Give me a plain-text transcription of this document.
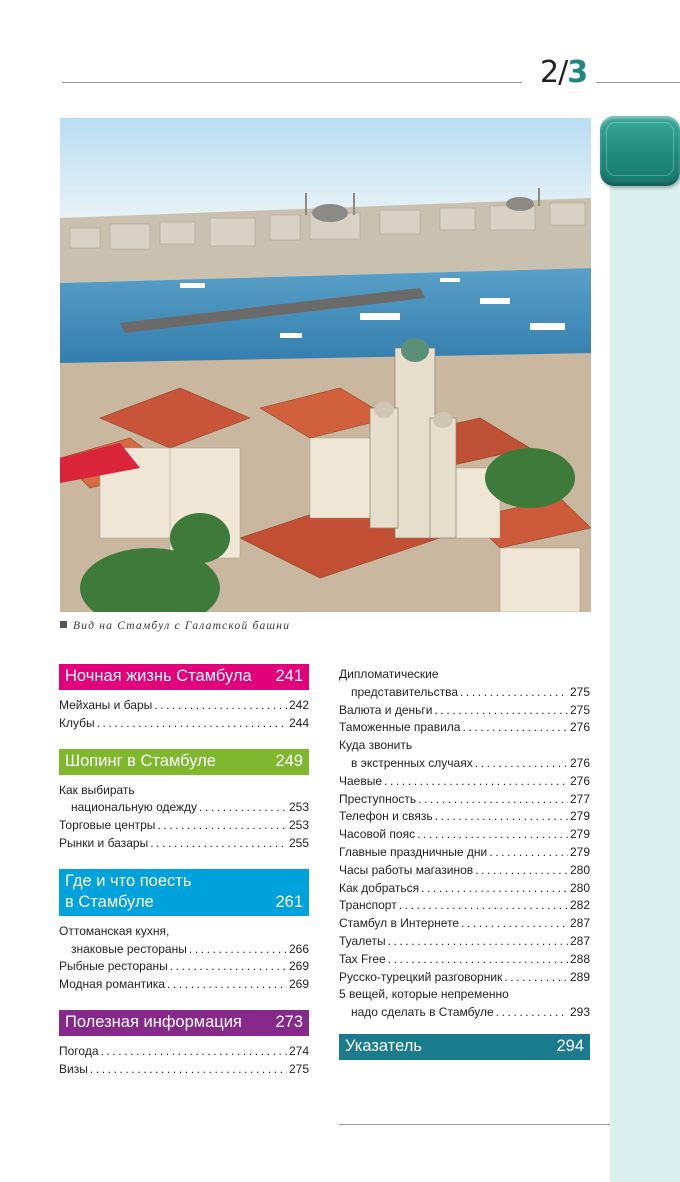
2/3
Вид на Стамбул с Галатской башни
Ночная жизнь Стамбула 241
Мейханы и бары .....	242
Клубы .....	244
Шопинг в Стамбуле	249
Как выбирать
национальную одежду .....	253
Торговые центры .....	253
Рынки и базары .....	255
Где и что поесть
в Стамбуле	261
Оттоманская кухня,
знаковые рестораны .....	266
Рыбные рестораны .....	269
Модная романтика .....	269
Полезная информация 273
Погода .....	274
Визы .....	275
Дипломатические
представительства .....	275
Валюта и деньги .....	275
Таможенные правила .....	276
Куда звонить
в экстренных случаях .....	276
Чаевые .....	276
Преступность .....	277
Телефон и связь .....	279
Часовой пояс .....	279
Главные праздничные дни .....	279
Часы работы магазинов .....	280
Как добраться .....	280
Транспорт .....	282
Стамбул в Интернете .....	287
Туалеты .....	287
Tax Free .....	288
Русско-турецкий разговорник .....	289
5 вещей, которые непременно
надо сделать в Стамбуле .....	293
Указатель	294
